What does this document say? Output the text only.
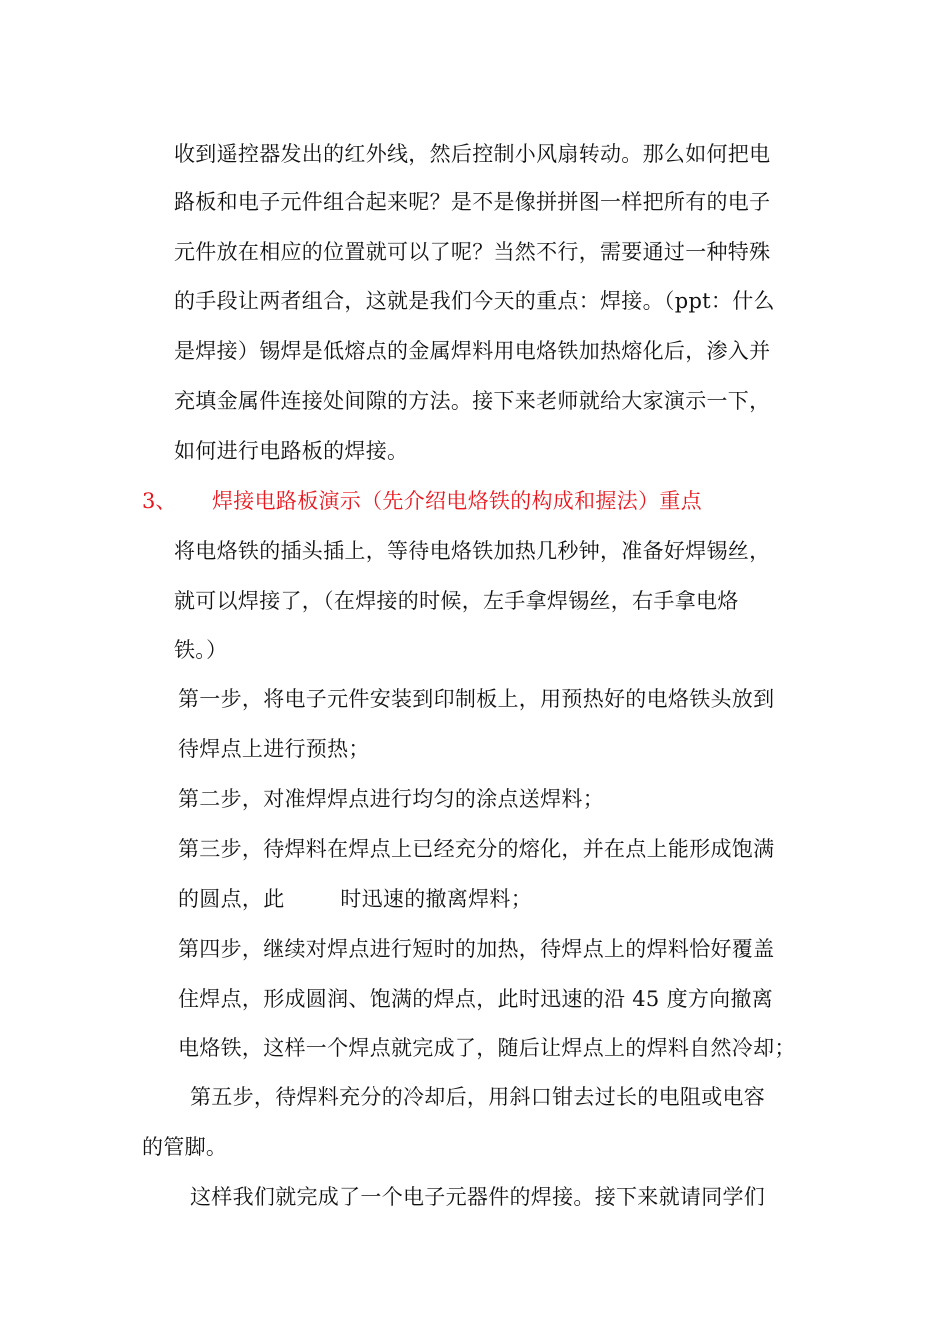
收到遥控器发出的红外线，然后控制小风扇转动。那么如何把电
路板和电子元件组合起来呢？是不是像拼拼图一样把所有的电子
元件放在相应的位置就可以了呢？当然不行，需要通过一种特殊
的手段让两者组合，这就是我们今天的重点：焊接。（ppt：什么
是焊接）锡焊是低熔点的金属焊料用电烙铁加热熔化后，渗入并
充填金属件连接处间隙的方法。接下来老师就给大家演示一下，
如何进行电路板的焊接。
3、 焊接电路板演示（先介绍电烙铁的构成和握法）重点
将电烙铁的插头插上，等待电烙铁加热几秒钟，准备好焊锡丝，
就可以焊接了，（在焊接的时候，左手拿焊锡丝，右手拿电烙
铁。）
第一步，将电子元件安装到印制板上，用预热好的电烙铁头放到
待焊点上进行预热；
第二步，对准焊焊点进行均匀的涂点送焊料；
第三步，待焊料在焊点上已经充分的熔化，并在点上能形成饱满
的圆点，此        时迅速的撤离焊料；
第四步，继续对焊点进行短时的加热，待焊点上的焊料恰好覆盖
住焊点，形成圆润、饱满的焊点，此时迅速的沿 45 度方向撤离
电烙铁，这样一个焊点就完成了，随后让焊点上的焊料自然冷却；
第五步，待焊料充分的冷却后，用斜口钳去过长的电阻或电容
的管脚。
这样我们就完成了一个电子元器件的焊接。接下来就请同学们
